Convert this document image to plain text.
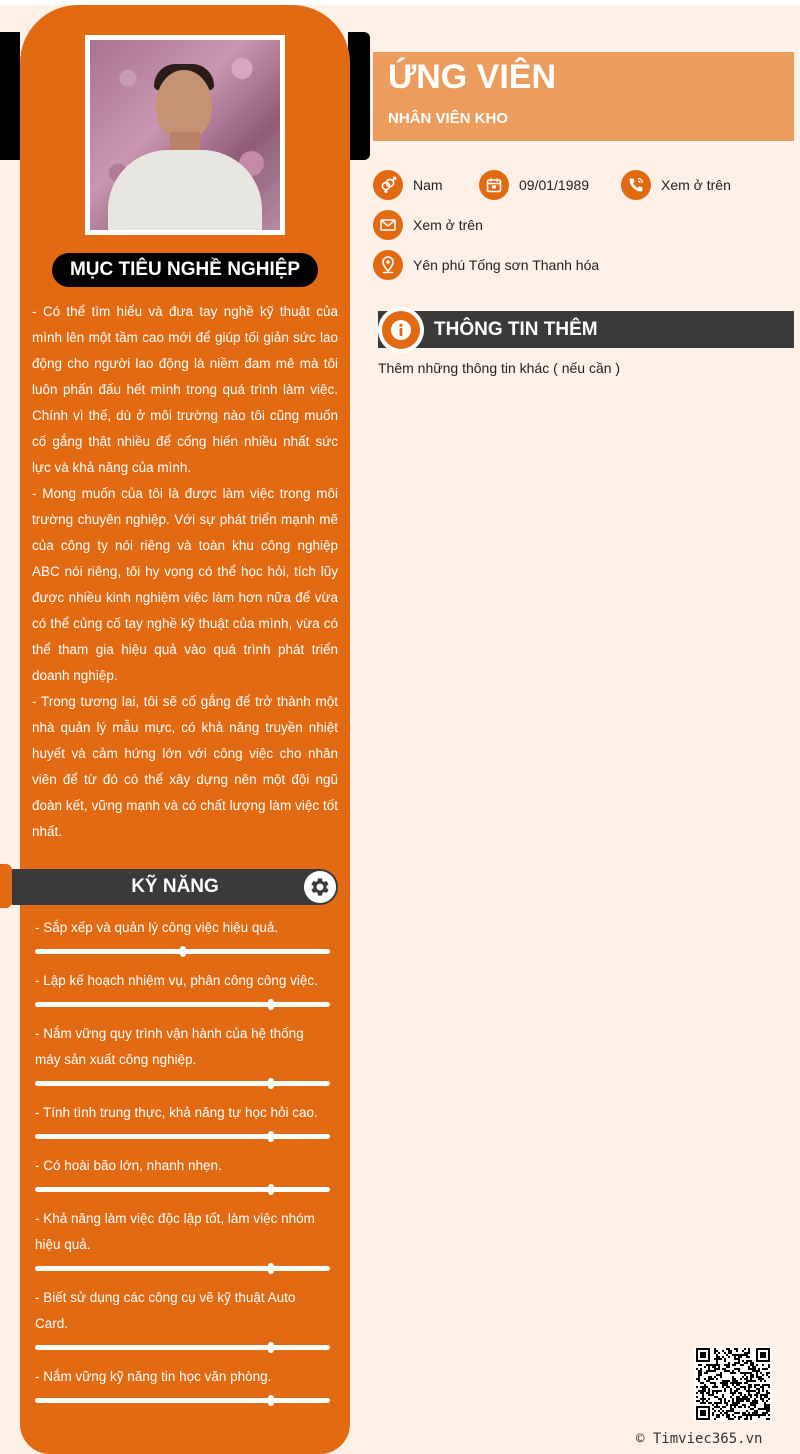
MỤC TIÊU NGHỀ NGHIỆP
- Có thể tìm hiểu và đưa tay nghề kỹ thuật của mình lên một tầm cao mới để giúp tối giản sức lao động cho người lao động là niềm đam mê mà tôi luôn phấn đấu hết mình trong quá trình làm việc. Chính vì thế, dù ở môi trường nào tôi cũng muốn cố gắng thật nhiều để cống hiến nhiều nhất sức lực và khả năng của mình.
- Mong muốn của tôi là được làm việc trong môi trường chuyên nghiệp. Với sự phát triển mạnh mẽ của công ty nói riêng và toàn khu công nghiệp ABC nói riêng, tôi hy vọng có thể học hỏi, tích lũy được nhiều kinh nghiệm việc làm hơn nữa để vừa có thể củng cố tay nghề kỹ thuật của mình, vừa có thể tham gia hiệu quả vào quá trình phát triển doanh nghiệp.
- Trong tương lai, tôi sẽ cố gắng để trở thành một nhà quản lý mẫu mực, có khả năng truyền nhiệt huyết và cảm hứng lớn với công việc cho nhân viên để từ đó có thể xây dựng nên một đội ngũ đoàn kết, vững mạnh và có chất lượng làm việc tốt nhất.
KỸ NĂNG
- Sắp xếp và quản lý công việc hiệu quả.
- Lập kế hoạch nhiệm vụ, phân công công việc.
- Nắm vững quy trình vận hành của hệ thống máy sản xuất công nghiệp.
- Tính tình trung thực, khả năng tự học hỏi cao.
- Có hoài bão lớn, nhanh nhẹn.
- Khả năng làm việc độc lập tốt, làm việc nhóm hiệu quả.
- Biết sử dụng các công cụ vẽ kỹ thuật Auto Card.
- Nắm vững kỹ năng tin học văn phòng.
ỨNG VIÊN
NHÂN VIÊN KHO
Nam	09/01/1989	Xem ở trên
Xem ở trên
Yên phú Tống sơn Thanh hóa
THÔNG TIN THÊM
Thêm những thông tin khác ( nếu cần )
© Timviec365.vn
